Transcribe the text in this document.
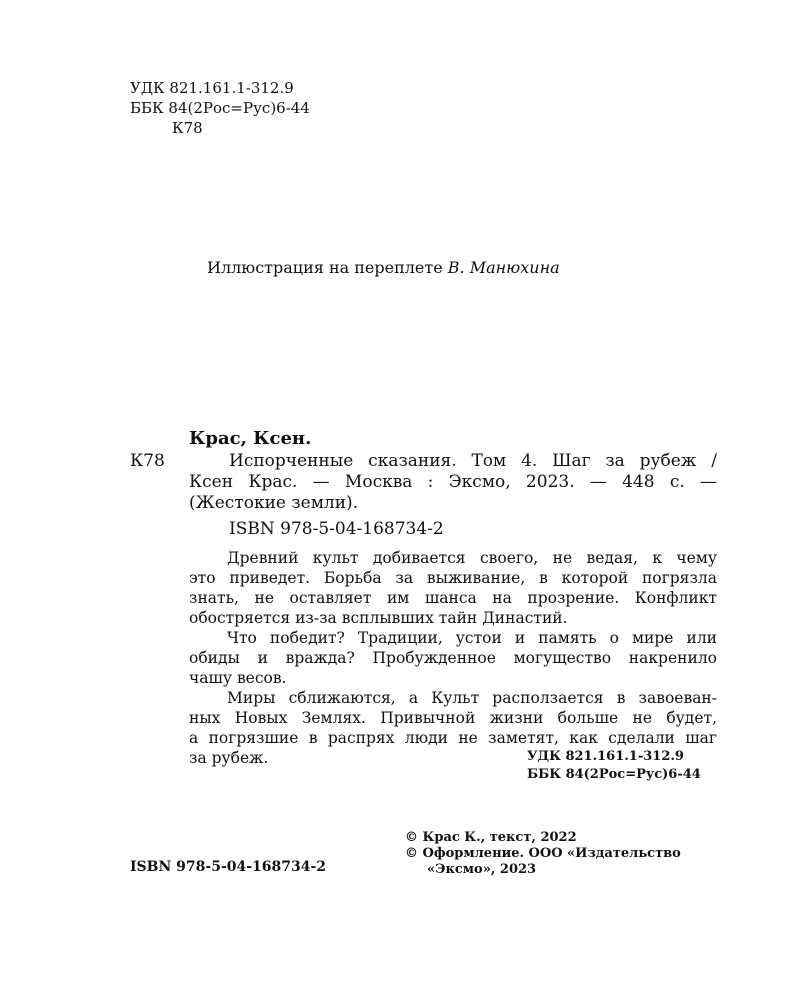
УДК 821.161.1-312.9
ББК 84(2Рос=Рус)6-44
К78
Иллюстрация на переплете В. Манюхина
Крас, Ксен.
К78	Испорченные сказания. Том 4. Шаг за рубеж /
Ксен Крас. — Москва : Эксмо, 2023. — 448 с. —
(Жестокие земли).
ISBN 978-5-04-168734-2
Древний культ добивается своего, не ведая, к чему
это приведет. Борьба за выживание, в которой погрязла
знать, не оставляет им шанса на прозрение. Конфликт
обостряется из-за всплывших тайн Династий.
Что победит? Традиции, устои и память о мире или
обиды и вражда? Пробужденное могущество накренило
чашу весов.
Миры сближаются, а Культ расползается в завоеван-
ных Новых Землях. Привычной жизни больше не будет,
а погрязшие в распрях люди не заметят, как сделали шаг
за рубеж.	УДК 821.161.1-312.9
ББК 84(2Рос=Рус)6-44
ISBN 978-5-04-168734-2
© Крас К., текст, 2022
© Оформление. ООО «Издательство
«Эксмо», 2023
